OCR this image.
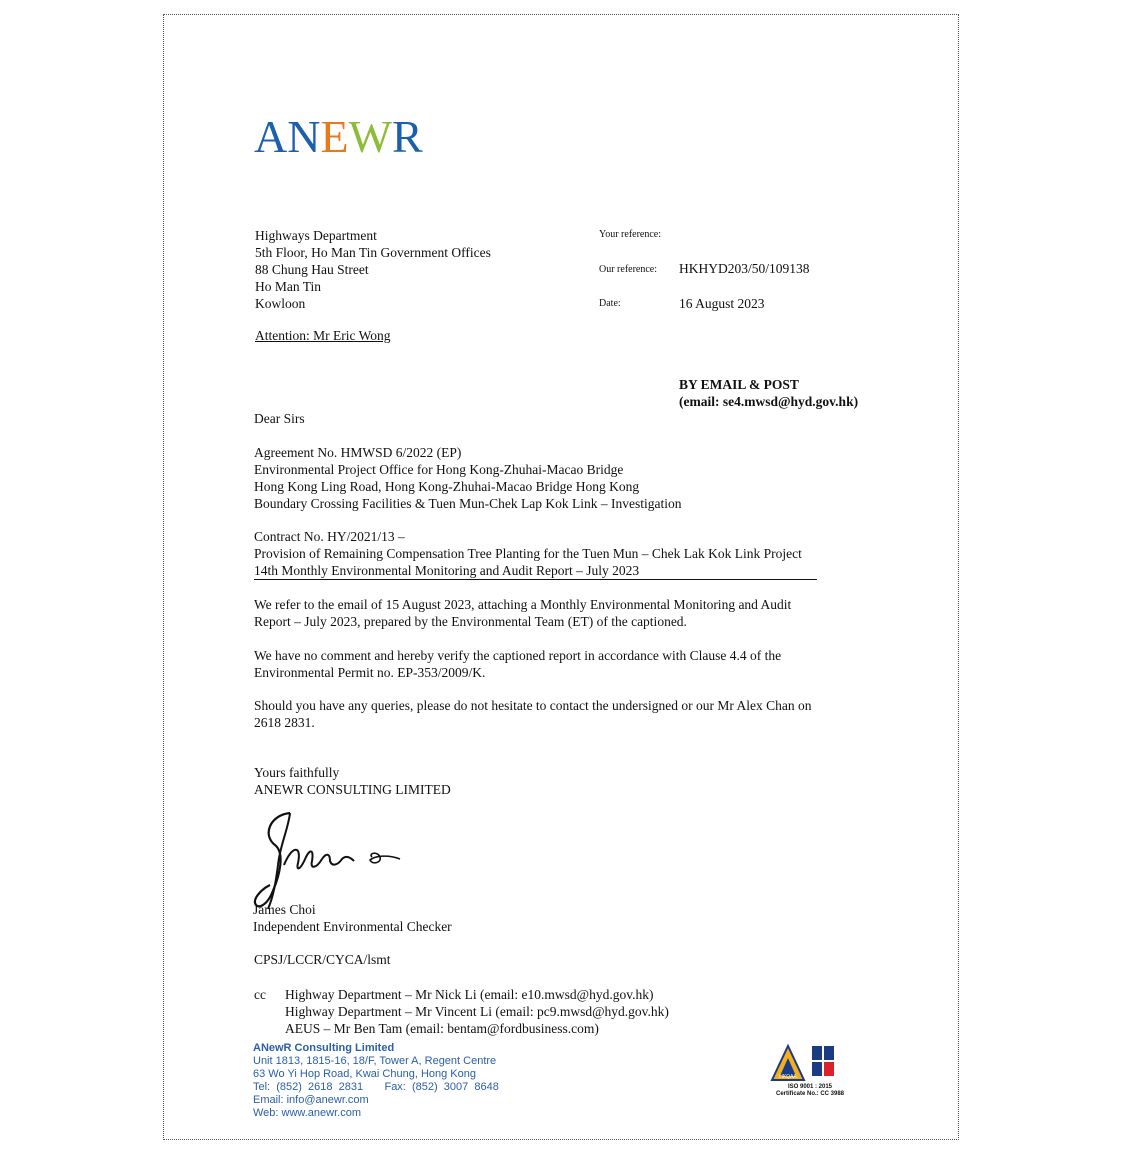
ANEWR
Highways Department
5th Floor, Ho Man Tin Government Offices
88 Chung Hau Street
Ho Man Tin
Kowloon
Your reference:
Our reference: HKHYD203/50/109138
Date:	16 August 2023
Attention: Mr Eric Wong
BY EMAIL & POST
(email: se4.mwsd@hyd.gov.hk)
Dear Sirs
Agreement No. HMWSD 6/2022 (EP)
Environmental Project Office for Hong Kong-Zhuhai-Macao Bridge
Hong Kong Ling Road, Hong Kong-Zhuhai-Macao Bridge Hong Kong
Boundary Crossing Facilities & Tuen Mun-Chek Lap Kok Link – Investigation
Contract No. HY/2021/13 –
Provision of Remaining Compensation Tree Planting for the Tuen Mun – Chek Lak Kok Link Project
14th Monthly Environmental Monitoring and Audit Report – July 2023
We refer to the email of 15 August 2023, attaching a Monthly Environmental Monitoring and Audit
Report – July 2023, prepared by the Environmental Team (ET) of the captioned.
We have no comment and hereby verify the captioned report in accordance with Clause 4.4 of the
Environmental Permit no. EP-353/2009/K.
Should you have any queries, please do not hesitate to contact the undersigned or our Mr Alex Chan on
2618 2831.
Yours faithfully
ANEWR CONSULTING LIMITED
James Choi
Independent Environmental Checker
CPSJ/LCCR/CYCA/lsmt
cc Highway Department – Mr Nick Li (email: e10.mwsd@hyd.gov.hk)
Highway Department – Mr Vincent Li (email: pc9.mwsd@hyd.gov.hk)
AEUS – Mr Ben Tam (email: bentam@fordbusiness.com)
ANewR Consulting Limited
Unit 1813, 1815-16, 18/F, Tower A, Regent Centre
63 Wo Yi Hop Road, Kwai Chung, Hong Kong
Tel:  (852)  2618  2831       Fax:  (852)  3007  8648
Email: info@anewr.com
Web: www.anewr.com
HKQAA
ISO 9001 : 2015
Certificate No.: CC 3988
